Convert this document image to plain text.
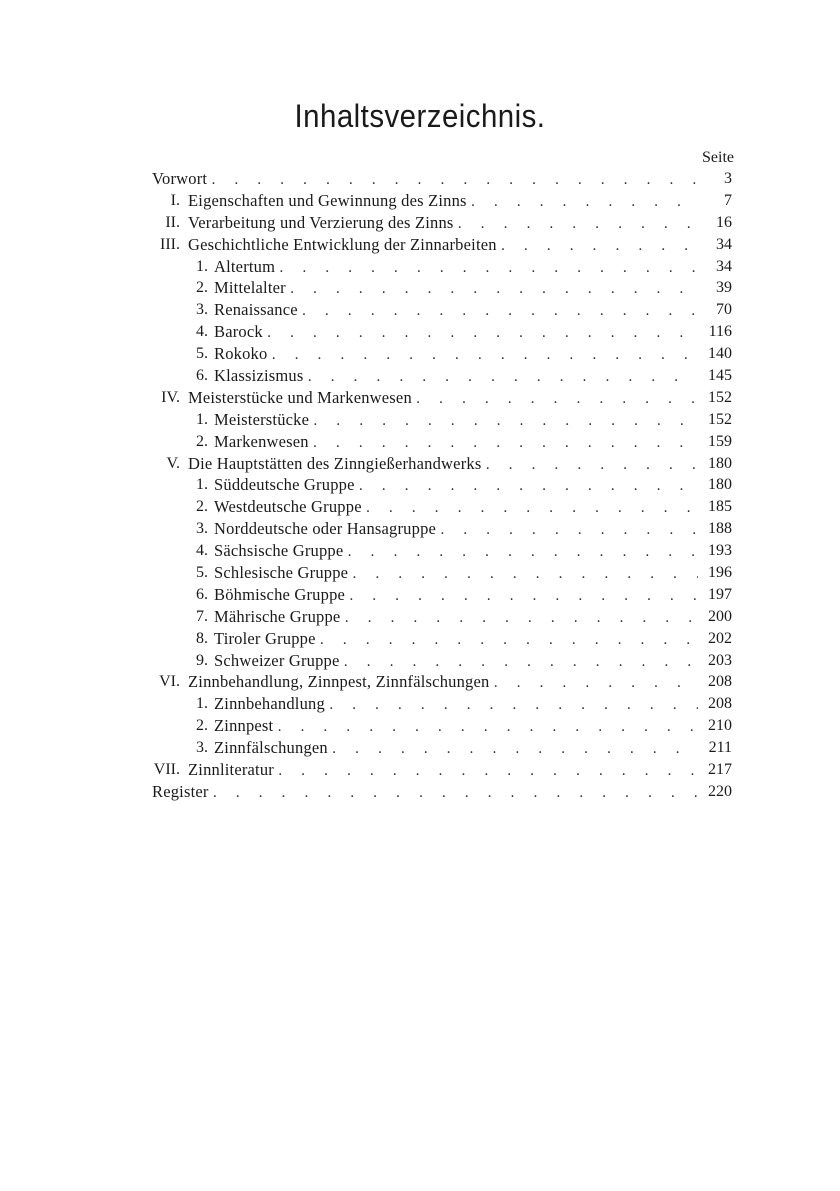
Inhaltsverzeichnis.
Seite
Vorwort . . .	3
I. Eigenschaften und Gewinnung des Zinns . . .	7
II. Verarbeitung und Verzierung des Zinns . . .	16
III. Geschichtliche Entwicklung der Zinnarbeiten . . .	34
1. Altertum . . .	34
2. Mittelalter . . .	39
3. Renaissance . . .	70
4. Barock . . .	116
5. Rokoko . . .	140
6. Klassizismus . . .	145
IV. Meisterstücke und Markenwesen . . .	152
1. Meisterstücke . . .	152
2. Markenwesen . . .	159
V. Die Hauptstätten des Zinngießerhandwerks . . .	180
1. Süddeutsche Gruppe . . .	180
2. Westdeutsche Gruppe . . .	185
3. Norddeutsche oder Hansagruppe . . .	188
4. Sächsische Gruppe . . .	193
5. Schlesische Gruppe . . .	196
6. Böhmische Gruppe . . .	197
7. Mährische Gruppe . . .	200
8. Tiroler Gruppe . . .	202
9. Schweizer Gruppe . . .	203
VI. Zinnbehandlung, Zinnpest, Zinnfälschungen . . .	208
1. Zinnbehandlung . . .	208
2. Zinnpest . . .	210
3. Zinnfälschungen . . .	211
VII. Zinnliteratur . . .	217
Register . . .	220
